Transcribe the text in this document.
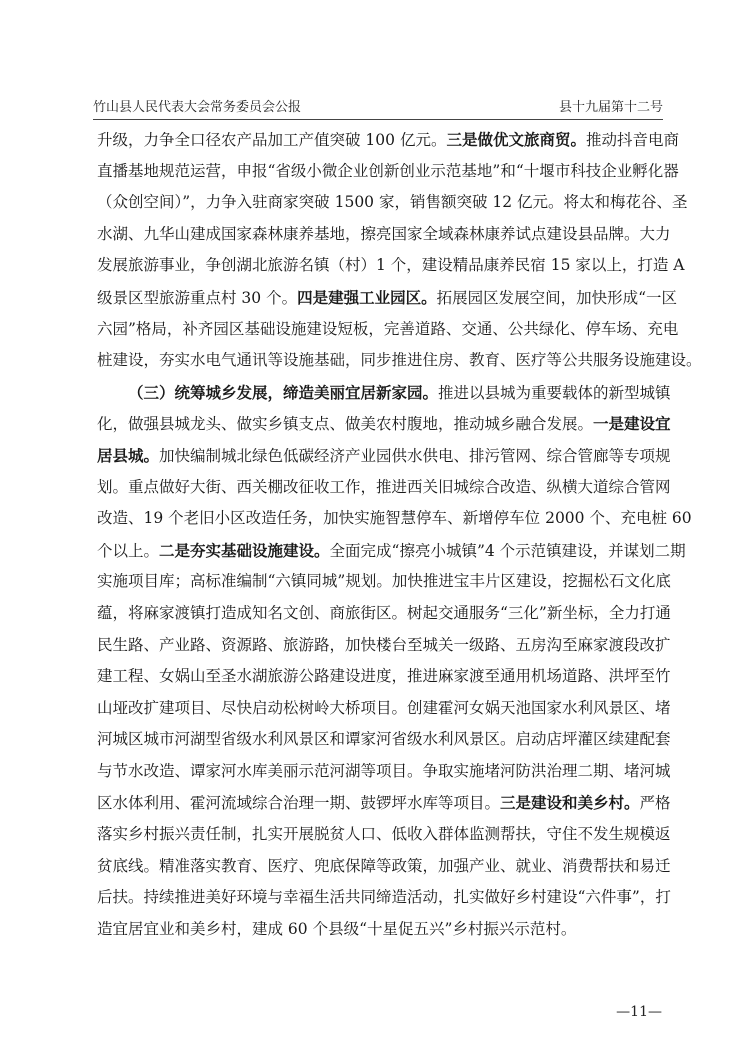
竹山县人民代表大会常务委员会公报	县十九届第十二号
升级，力争全口径农产品加工产值突破 100 亿元。三是做优文旅商贸。推动抖音电商
直播基地规范运营，申报“省级小微企业创新创业示范基地”和“十堰市科技企业孵化器
（众创空间）”，力争入驻商家突破 1500 家，销售额突破 12 亿元。将太和梅花谷、圣
水湖、九华山建成国家森林康养基地，擦亮国家全域森林康养试点建设县品牌。大力
发展旅游事业，争创湖北旅游名镇（村）1 个，建设精品康养民宿 15 家以上，打造 A
级景区型旅游重点村 30 个。四是建强工业园区。拓展园区发展空间，加快形成“一区
六园”格局，补齐园区基础设施建设短板，完善道路、交通、公共绿化、停车场、充电
桩建设，夯实水电气通讯等设施基础，同步推进住房、教育、医疗等公共服务设施建设。
（三）统筹城乡发展，缔造美丽宜居新家园。推进以县城为重要载体的新型城镇
化，做强县城龙头、做实乡镇支点、做美农村腹地，推动城乡融合发展。一是建设宜
居县城。加快编制城北绿色低碳经济产业园供水供电、排污管网、综合管廊等专项规
划。重点做好大街、西关棚改征收工作，推进西关旧城综合改造、纵横大道综合管网
改造、19 个老旧小区改造任务，加快实施智慧停车、新增停车位 2000 个、充电桩 60
个以上。二是夯实基础设施建设。全面完成“擦亮小城镇”4 个示范镇建设，并谋划二期
实施项目库；高标准编制“六镇同城”规划。加快推进宝丰片区建设，挖掘松石文化底
蕴，将麻家渡镇打造成知名文创、商旅街区。树起交通服务“三化”新坐标，全力打通
民生路、产业路、资源路、旅游路，加快楼台至城关一级路、五房沟至麻家渡段改扩
建工程、女娲山至圣水湖旅游公路建设进度，推进麻家渡至通用机场道路、洪坪至竹
山垭改扩建项目、尽快启动松树岭大桥项目。创建霍河女娲天池国家水利风景区、堵
河城区城市河湖型省级水利风景区和谭家河省级水利风景区。启动店坪灌区续建配套
与节水改造、谭家河水库美丽示范河湖等项目。争取实施堵河防洪治理二期、堵河城
区水体利用、霍河流域综合治理一期、鼓锣坪水库等项目。三是建设和美乡村。严格
落实乡村振兴责任制，扎实开展脱贫人口、低收入群体监测帮扶，守住不发生规模返
贫底线。精准落实教育、医疗、兜底保障等政策，加强产业、就业、消费帮扶和易迁
后扶。持续推进美好环境与幸福生活共同缔造活动，扎实做好乡村建设“六件事”，打
造宜居宜业和美乡村，建成 60 个县级“十星促五兴”乡村振兴示范村。
—11—
